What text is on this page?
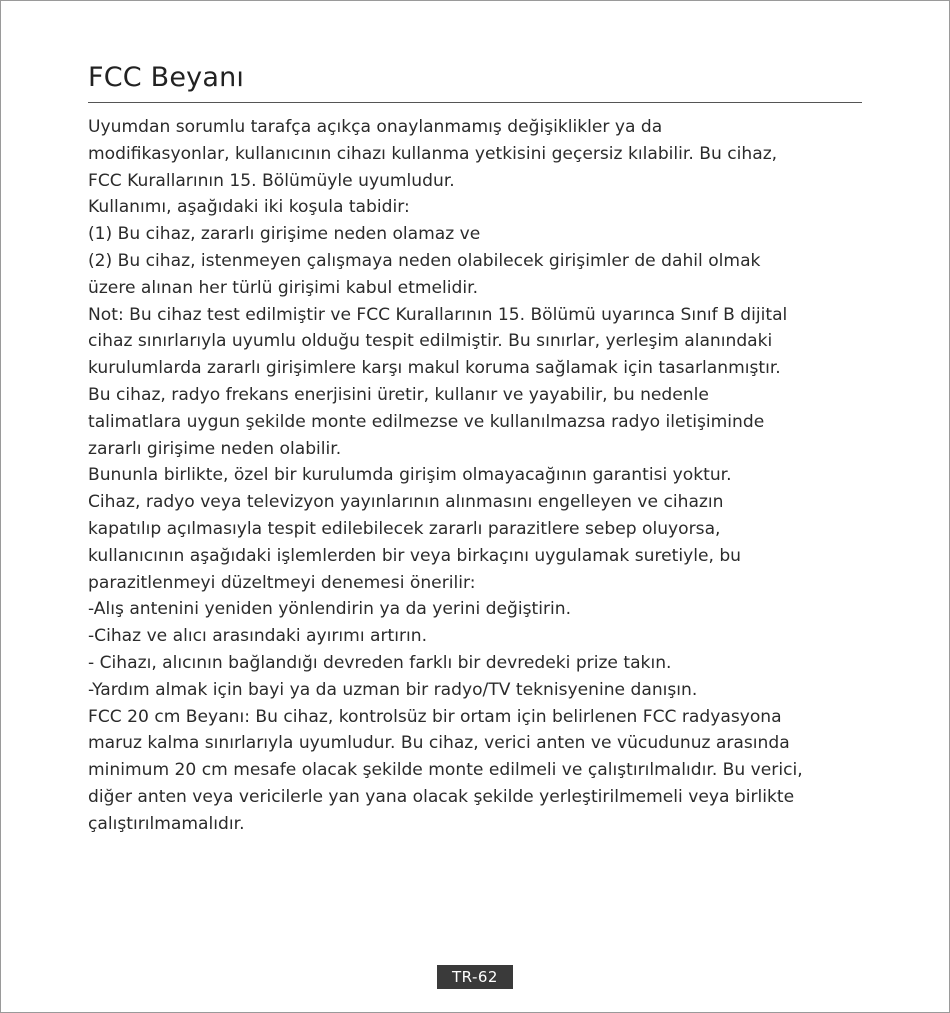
FCC Beyanı
Uyumdan sorumlu tarafça açıkça onaylanmamış değişiklikler ya da
modifikasyonlar, kullanıcının cihazı kullanma yetkisini geçersiz kılabilir. Bu cihaz,
FCC Kurallarının 15. Bölümüyle uyumludur.
Kullanımı, aşağıdaki iki koşula tabidir:
(1) Bu cihaz, zararlı girişime neden olamaz ve
(2) Bu cihaz, istenmeyen çalışmaya neden olabilecek girişimler de dahil olmak
üzere alınan her türlü girişimi kabul etmelidir.
Not: Bu cihaz test edilmiştir ve FCC Kurallarının 15. Bölümü uyarınca Sınıf B dijital
cihaz sınırlarıyla uyumlu olduğu tespit edilmiştir. Bu sınırlar, yerleşim alanındaki
kurulumlarda zararlı girişimlere karşı makul koruma sağlamak için tasarlanmıştır.
Bu cihaz, radyo frekans enerjisini üretir, kullanır ve yayabilir, bu nedenle
talimatlara uygun şekilde monte edilmezse ve kullanılmazsa radyo iletişiminde
zararlı girişime neden olabilir.
Bununla birlikte, özel bir kurulumda girişim olmayacağının garantisi yoktur.
Cihaz, radyo veya televizyon yayınlarının alınmasını engelleyen ve cihazın
kapatılıp açılmasıyla tespit edilebilecek zararlı parazitlere sebep oluyorsa,
kullanıcının aşağıdaki işlemlerden bir veya birkaçını uygulamak suretiyle, bu
parazitlenmeyi düzeltmeyi denemesi önerilir:
-Alış antenini yeniden yönlendirin ya da yerini değiştirin.
-Cihaz ve alıcı arasındaki ayırımı artırın.
- Cihazı, alıcının bağlandığı devreden farklı bir devredeki prize takın.
-Yardım almak için bayi ya da uzman bir radyo/TV teknisyenine danışın.
FCC 20 cm Beyanı: Bu cihaz, kontrolsüz bir ortam için belirlenen FCC radyasyona
maruz kalma sınırlarıyla uyumludur. Bu cihaz, verici anten ve vücudunuz arasında
minimum 20 cm mesafe olacak şekilde monte edilmeli ve çalıştırılmalıdır. Bu verici,
diğer anten veya vericilerle yan yana olacak şekilde yerleştirilmemeli veya birlikte
çalıştırılmamalıdır.
TR-62
